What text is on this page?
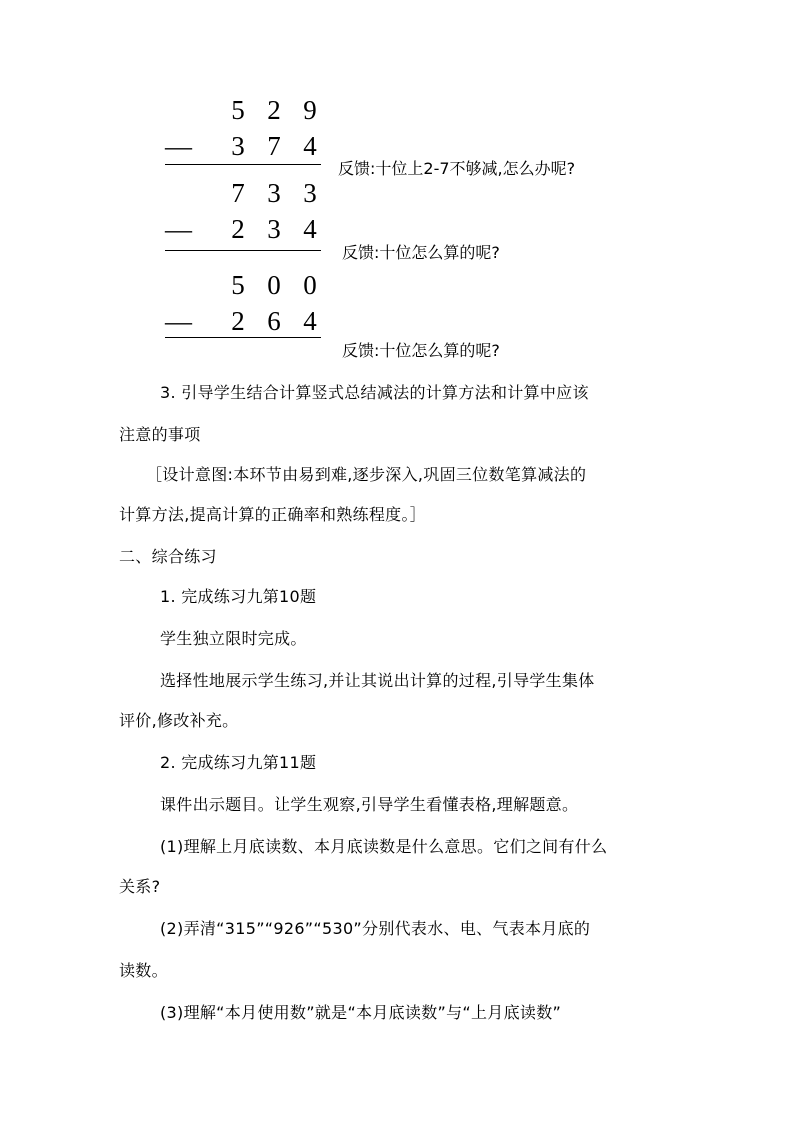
5 2 9
— 3 7 4
反馈:十位上2-7不够减,怎么办呢?
7 3 3
— 2 3 4
反馈:十位怎么算的呢?
5 0 0
— 2 6 4
反馈:十位怎么算的呢?
3. 引导学生结合计算竖式总结减法的计算方法和计算中应该
注意的事项
［设计意图:本环节由易到难,逐步深入,巩固三位数笔算减法的
计算方法,提高计算的正确率和熟练程度。］
二、综合练习
1. 完成练习九第10题
学生独立限时完成。
选择性地展示学生练习,并让其说出计算的过程,引导学生集体
评价,修改补充。
2. 完成练习九第11题
课件出示题目。让学生观察,引导学生看懂表格,理解题意。
(1)理解上月底读数、本月底读数是什么意思。它们之间有什么
关系?
(2)弄清“315”“926”“530”分别代表水、电、气表本月底的
读数。
(3)理解“本月使用数”就是“本月底读数”与“上月底读数”
